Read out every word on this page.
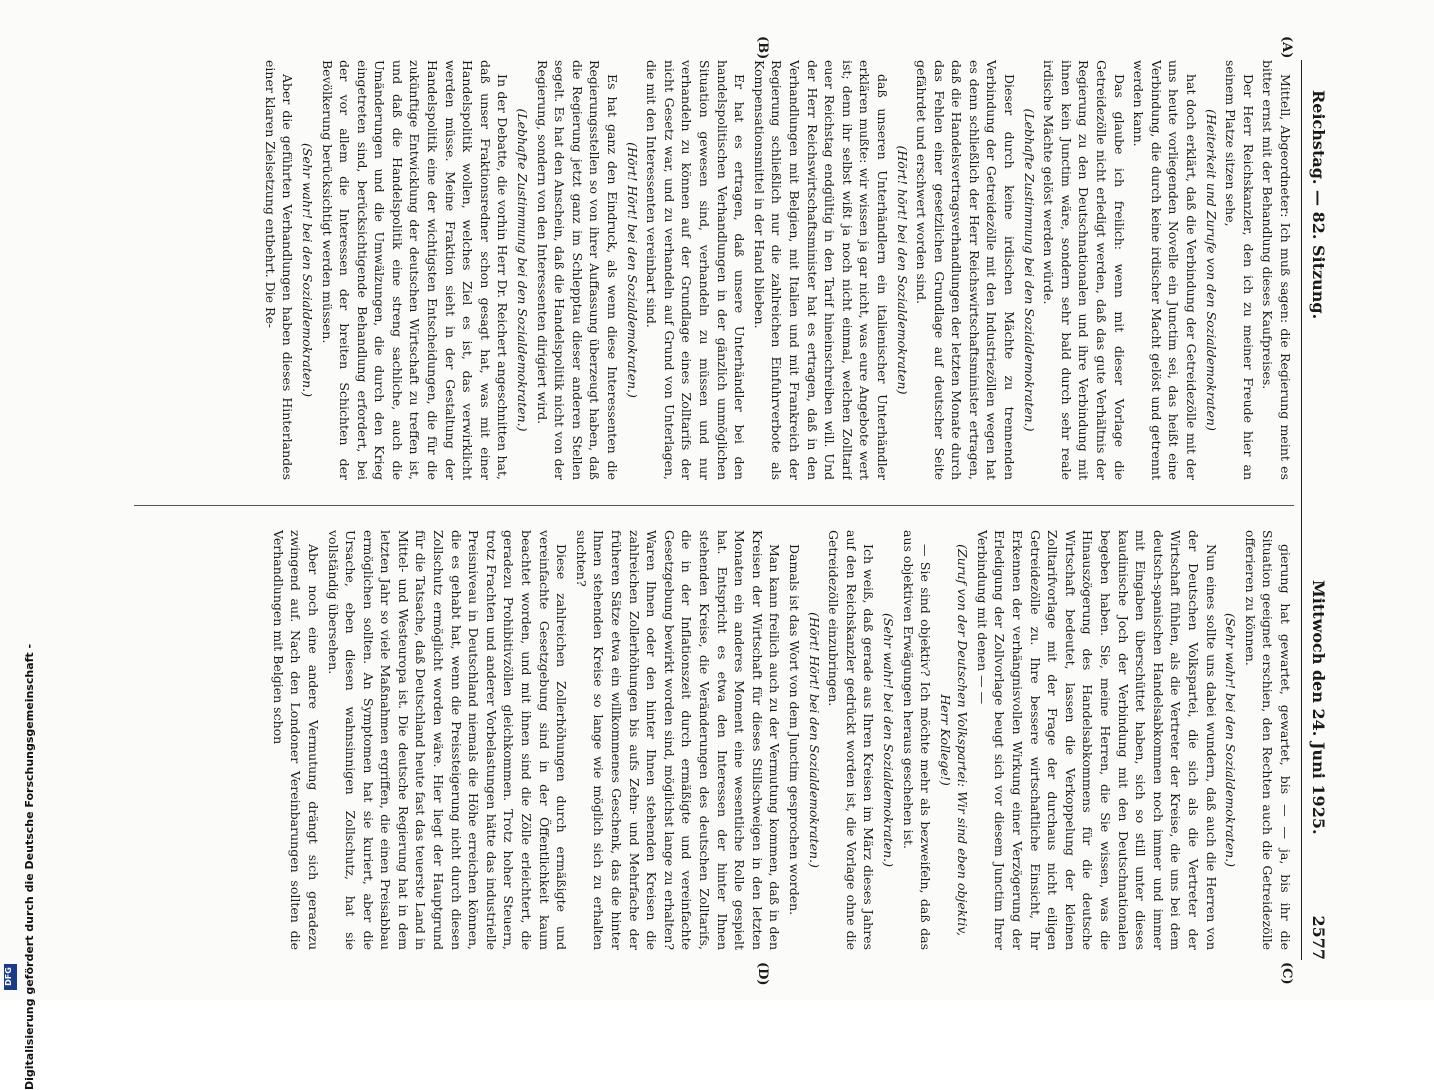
Reichstag. — 82. Sitzung.
Mittwoch den 24. Juni 1925.
2577

Mittell, Abgeordneter: Ich muß sagen: die Regierung meint es bitter ernst mit der Behandlung dieses Kaufpreises.

Der Herr Reichskanzler, den ich zu meiner Freude hier an seinem Platze sitzen sehe,

(Heiterkeit und Zurufe von den Sozialdemokraten)

hat doch erklärt, daß die Verbindung der Getreidezölle mit der uns heute vorliegenden Novelle ein Junctim sei, das heißt eine Verbindung, die durch keine irdischer Macht gelöst und getrennt werden kann.

Das glaube ich freilich: wenn mit dieser Vorlage die Getreidezölle nicht erledigt werden, daß das gute Verhältnis der Regierung zu den Deutschnationalen und ihre Verbindung mit ihnen kein Junctim wäre, sondern sehr bald durch sehr reale irdische Mächte gelöst werden würde.

(Lebhafte Zustimmung bei den Sozialdemokraten.)

Dieser durch keine irdischen Mächte zu trennenden Verbindung der Getreidezölle mit den Industriezöllen wegen hat es denn schließlich der Herr Reichswirtschaftsminister ertragen, daß die Handelsvertragsverhandlungen der letzten Monate durch das Fehlen einer gesetzlichen Grundlage auf deutscher Seite gefährdet und erschwert worden sind.

(Hört! hört! bei den Sozialdemokraten)

daß unseren Unterhändlern ein italienischer Unterhändler erklären mußte: wir wissen ja gar nicht, was eure Angebote wert ist; denn ihr selbst wißt ja noch nicht einmal, welchen Zolltarif euer Reichstag endgültig in den Tarif hineinschreiben will. Und der Herr Reichswirtschaftsminister hat es ertragen, daß in den Verhandlungen mit Belgien, mit Italien und mit Frankreich der Regierung schließlich nur die zahlreichen Einfuhrverbote als Kompensationsmittel in der Hand blieben.

Er hat es ertragen, daß unsere Unterhändler bei den handelspolitischen Verhandlungen in der gänzlich unmöglichen Situation gewesen sind, verhandeln zu müssen und nur verhandeln zu können auf der Grundlage eines Zolltarifs der nicht Gesetz war, und zu verhandeln auf Grund von Unterlagen, die mit den Interessenten vereinbart sind.

(Hört! Hört! bei den Sozialdemokraten.)

Es hat ganz den Eindruck, als wenn diese Interessenten die Regierungsstellen so von ihrer Auffassung überzeugt haben, daß die Regierung jetzt ganz im Schlepptau dieser anderen Stellen segelt. Es hat den Anschein, daß die Handelspolitik nicht von der Regierung, sondern von den Interessenten dirigiert wird.

(Lebhafte Zustimmung bei den Sozialdemokraten.)

In der Debatte, die vorhin Herr Dr. Reichert angeschnitten hat, daß unser Fraktionsredner schon gesagt hat, was mit einer Handelspolitik wollen, welches Ziel es ist, das verwirklicht werden müsse. Meine Fraktion sieht in der Gestaltung der Handelspolitik eine der wichtigsten Entscheidungen, die für die zukünftige Entwicklung der deutschen Wirtschaft zu treffen ist, und daß die Handelspolitik eine streng sachliche, auch die Umänderungen und die Umwälzungen, die durch den Krieg eingetreten sind, berücksichtigende Behandlung erfordert, bei der vor allem die Interessen der breiten Schichten der Bevölkerung berücksichtigt werden müssen.

(Sehr wahr! bei den Sozialdemokraten.)

Aber die geführten Verhandlungen haben dieses Hinterlandes einer klaren Zielsetzung entbehrt. Die Re-

gierung hat gewartet, gewartet, bis — — ja, bis ihr die Situation geeignet erschien, den Rechten auch die Getreidezölle offerieren zu können.

(Sehr wahr! bei den Sozialdemokraten.)

Nun eines sollte uns dabei wundern, daß auch die Herren von der Deutschen Volkspartei, die sich als die Vertreter der Wirtschaft fühlen, als die Vertreter der Kreise, die uns bei dem deutsch-spanischen Handelsabkommen noch immer und immer mit Eingaben überschüttet haben, sich so still unter dieses kaudinische Joch der Verbindung mit den Deutschnationalen begeben haben. Sie, meine Herren, die Sie wissen, was die Hinauszögerung des Handelsabkommens für die deutsche Wirtschaft bedeutet, lassen die Verkoppelung der kleinen Zolltarifvorlage mit der Frage der durchaus nicht eiligen Getreidezölle zu. Ihre bessere wirtschaftliche Einsicht, Ihr Erkennen der verhängnisvollen Wirkung einer Verzögerung der Erledigung der Zollvorlage beugt sich vor diesem Junctim Ihrer Verbindung mit denen — —

(Zuruf von der Deutschen Volkspartei: Wir sind eben objektiv, Herr Kollege!)

— Sie sind objektiv? Ich möchte mehr als bezweifeln, daß das aus objektiven Erwägungen heraus geschehen ist.

(Sehr wahr! bei den Sozialdemokraten.)

Ich weiß, daß gerade aus Ihren Kreisen im März dieses Jahres auf den Reichskanzler gedrückt worden ist, die Vorlage ohne die Getreidezölle einzubringen.

(Hört! Hört! bei den Sozialdemokraten.)

Damals ist das Wort von dem Junctim gesprochen worden.

Man kann freilich auch zu der Vermutung kommen, daß in den Kreisen der Wirtschaft für dieses Stillschweigen in den letzten Monaten ein anderes Moment eine wesentliche Rolle gespielt hat. Entspricht es etwa den Interessen der hinter Ihnen stehenden Kreise, die Veränderungen des deutschen Zolltarifs, die in der Inflationszeit durch ermäßigte und vereinfachte Gesetzgebung bewirkt worden sind, möglichst lange zu erhalten? Waren Ihnen oder den hinter Ihnen stehenden Kreisen die zahlreichen Zollerhöhungen bis aufs Zehn- und Mehrfache der früheren Sätze etwa ein willkommenes Geschenk, das die hinter Ihnen stehenden Kreise so lange wie möglich sich zu erhalten suchten?

Diese zahlreichen Zollerhöhungen durch ermäßigte und vereinfachte Gesetzgebung sind in der Öffentlichkeit kaum beachtet worden, und mit ihnen sind die Zölle erleichtert, die geradezu Prohibitivzöllen gleichkommen. Trotz hoher Steuern, trotz Frachten und anderer Vorbelastungen hätte das industrielle Preisniveau in Deutschland niemals die Höhe erreichen können, die es gehabt hat, wenn die Preissteigerung nicht durch diesen Zollschutz ermöglicht worden wäre. Hier liegt der Hauptgrund für die Tatsache, daß Deutschland heute fast das teuerste Land in Mittel- und Westeuropa ist. Die deutsche Regierung hat in dem letzten Jahr so viele Maßnahmen ergriffen, die einen Preisabbau ermöglichen sollten. An Symptomen hat sie kuriert, aber die Ursache, eben diesen wahnsinnigen Zollschutz, hat sie vollständig übersehen.

Aber noch eine andere Vermutung drängt sich geradezu zwingend auf. Nach den Londoner Vereinbarungen sollten die Verhandlungen mit Belgien schon

(A)
(B)
(C)
(D)
Digitalisierung gefördert durch die Deutsche Forschungsgemeinschaft -
DFG
